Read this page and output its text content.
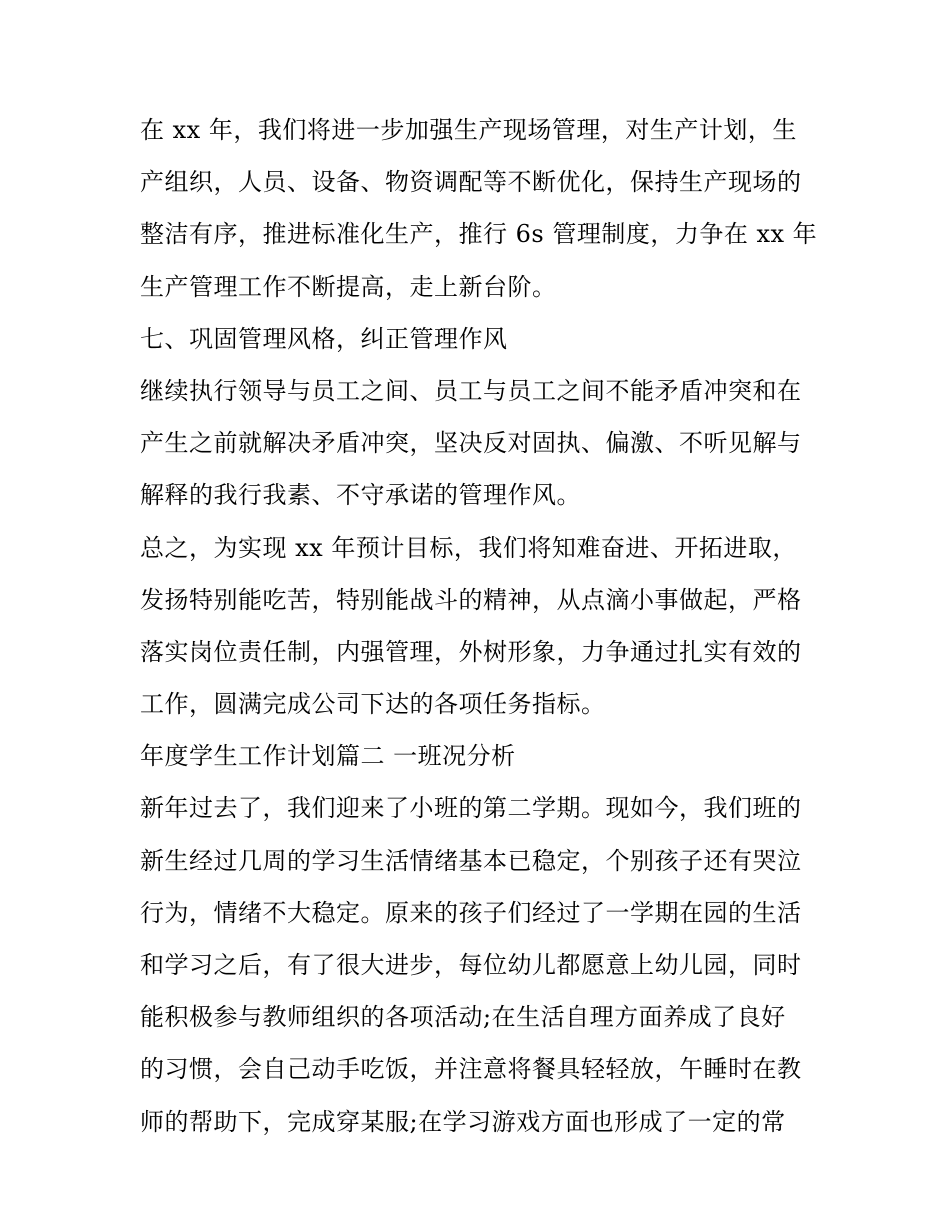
在 xx 年，我们将进一步加强生产现场管理，对生产计划，生
产组织，人员、设备、物资调配等不断优化，保持生产现场的
整洁有序，推进标准化生产，推行 6s 管理制度，力争在 xx 年
生产管理工作不断提高，走上新台阶。
七、巩固管理风格，纠正管理作风
继续执行领导与员工之间、员工与员工之间不能矛盾冲突和在
产生之前就解决矛盾冲突，坚决反对固执、偏激、不听见解与
解释的我行我素、不守承诺的管理作风。
总之，为实现 xx 年预计目标，我们将知难奋进、开拓进取，
发扬特别能吃苦，特别能战斗的精神，从点滴小事做起，严格
落实岗位责任制，内强管理，外树形象，力争通过扎实有效的
工作，圆满完成公司下达的各项任务指标。
年度学生工作计划篇二 一班况分析
新年过去了，我们迎来了小班的第二学期。现如今，我们班的
新生经过几周的学习生活情绪基本已稳定，个别孩子还有哭泣
行为，情绪不大稳定。原来的孩子们经过了一学期在园的生活
和学习之后，有了很大进步，每位幼儿都愿意上幼儿园，同时
能积极参与教师组织的各项活动;在生活自理方面养成了良好
的习惯，会自己动手吃饭，并注意将餐具轻轻放，午睡时在教
师的帮助下，完成穿某服;在学习游戏方面也形成了一定的常
